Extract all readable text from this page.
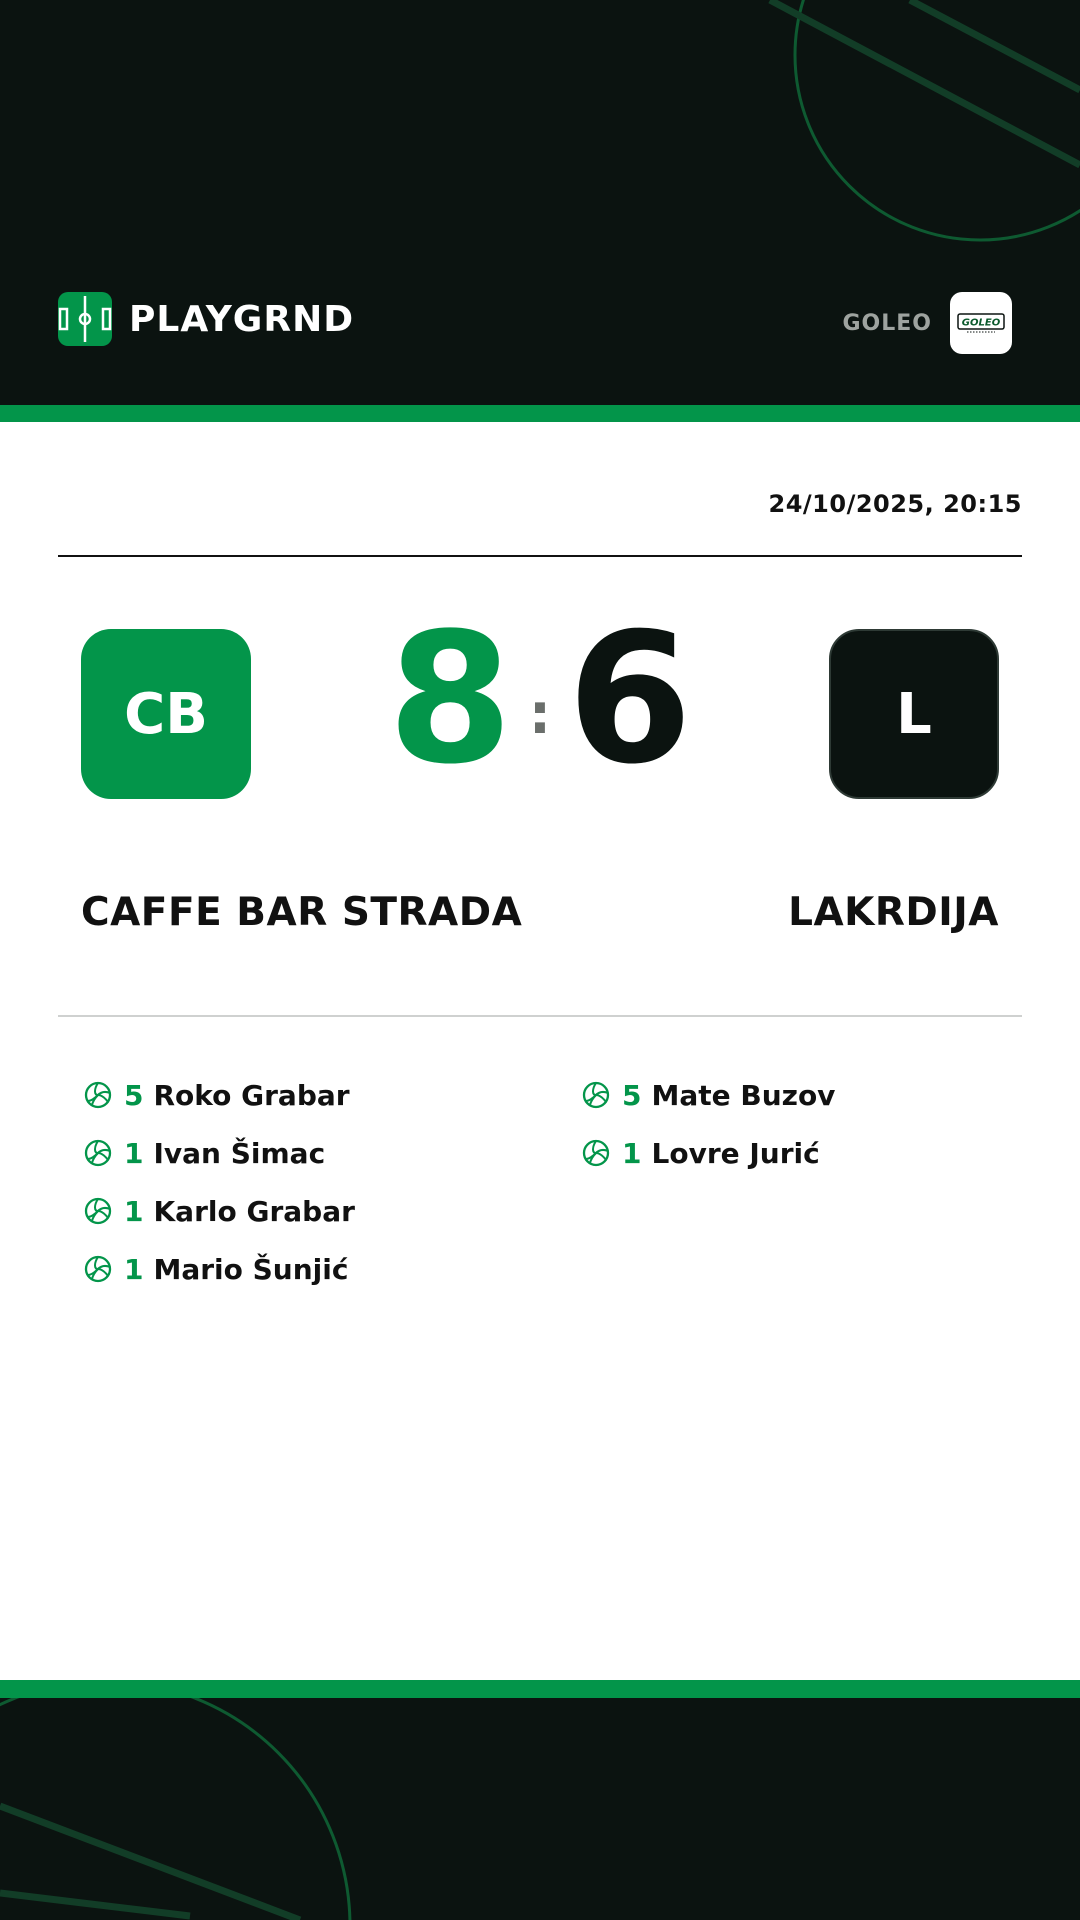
PLAYGRND	GOLEO	GOLEO
24/10/2025, 20:15
CB 8 : 6	L
CAFFE BAR STRADA	LAKRDIJA
5 Roko Grabar
1 Ivan Šimac
1 Karlo Grabar
1 Mario Šunjić
5 Mate Buzov
1 Lovre Jurić
